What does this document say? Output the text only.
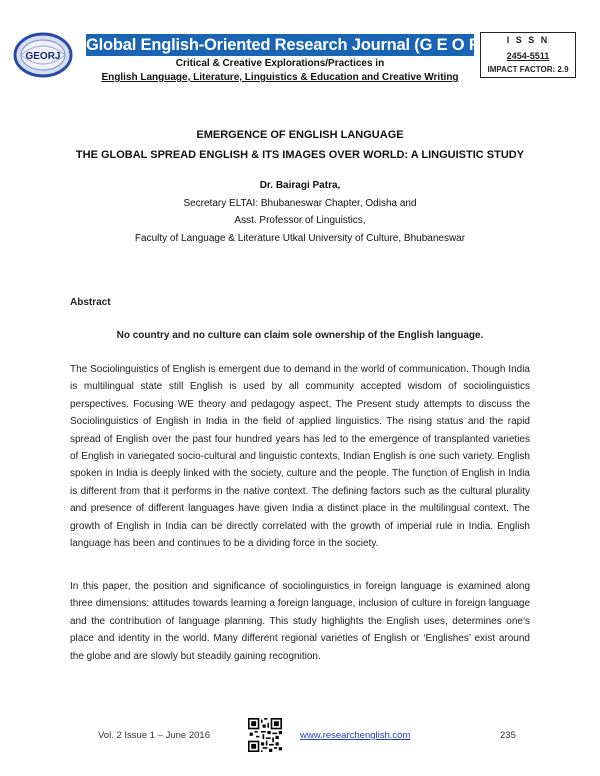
GEORJ
Global English-Oriented Research Journal (G E O R J)
Critical & Creative Explorations/Practices in
English Language, Literature, Linguistics & Education and Creative Writing
I S S N
2454-5511
IMPACT FACTOR: 2.9
EMERGENCE OF ENGLISH LANGUAGE
THE GLOBAL SPREAD ENGLISH & ITS IMAGES OVER WORLD: A LINGUISTIC STUDY
Dr. Bairagi Patra,
Secretary ELTAI: Bhubaneswar Chapter, Odisha and
Asst. Professor of Linguistics,
Faculty of Language & Literature Utkal University of Culture, Bhubaneswar
Abstract
No country and no culture can claim sole ownership of the English language.
The Sociolinguistics of English is emergent due to demand in the world of communication. Though India is multilingual state still English is used by all community accepted wisdom of sociolinguistics perspectives. Focusing WE theory and pedagogy aspect, The Present study attempts to discuss the Sociolinguistics of English in India in the field of applied linguistics. The rising status and the rapid spread of English over the past four hundred years has led to the emergence of transplanted varieties of English in variegated socio-cultural and linguistic contexts, Indian English is one such variety. English spoken in India is deeply linked with the society, culture and the people. The function of English in India is different from that it performs in the native context. The defining factors such as the cultural plurality and presence of different languages have given India a distinct place in the multilingual context. The growth of English in India can be directly correlated with the growth of imperial rule in India. English language has been and continues to be a dividing force in the society.
In this paper, the position and significance of sociolinguistics in foreign language is examined along three dimensions: attitudes towards learning a foreign language, inclusion of culture in foreign language and the contribution of language planning. This study highlights the English uses, determines one’s place and identity in the world. Many different regional varieties of English or ‘Englishes’ exist around the globe and are slowly but steadily gaining recognition.
Vol. 2 Issue 1 – June 2016	www.researchenglish.com	235
